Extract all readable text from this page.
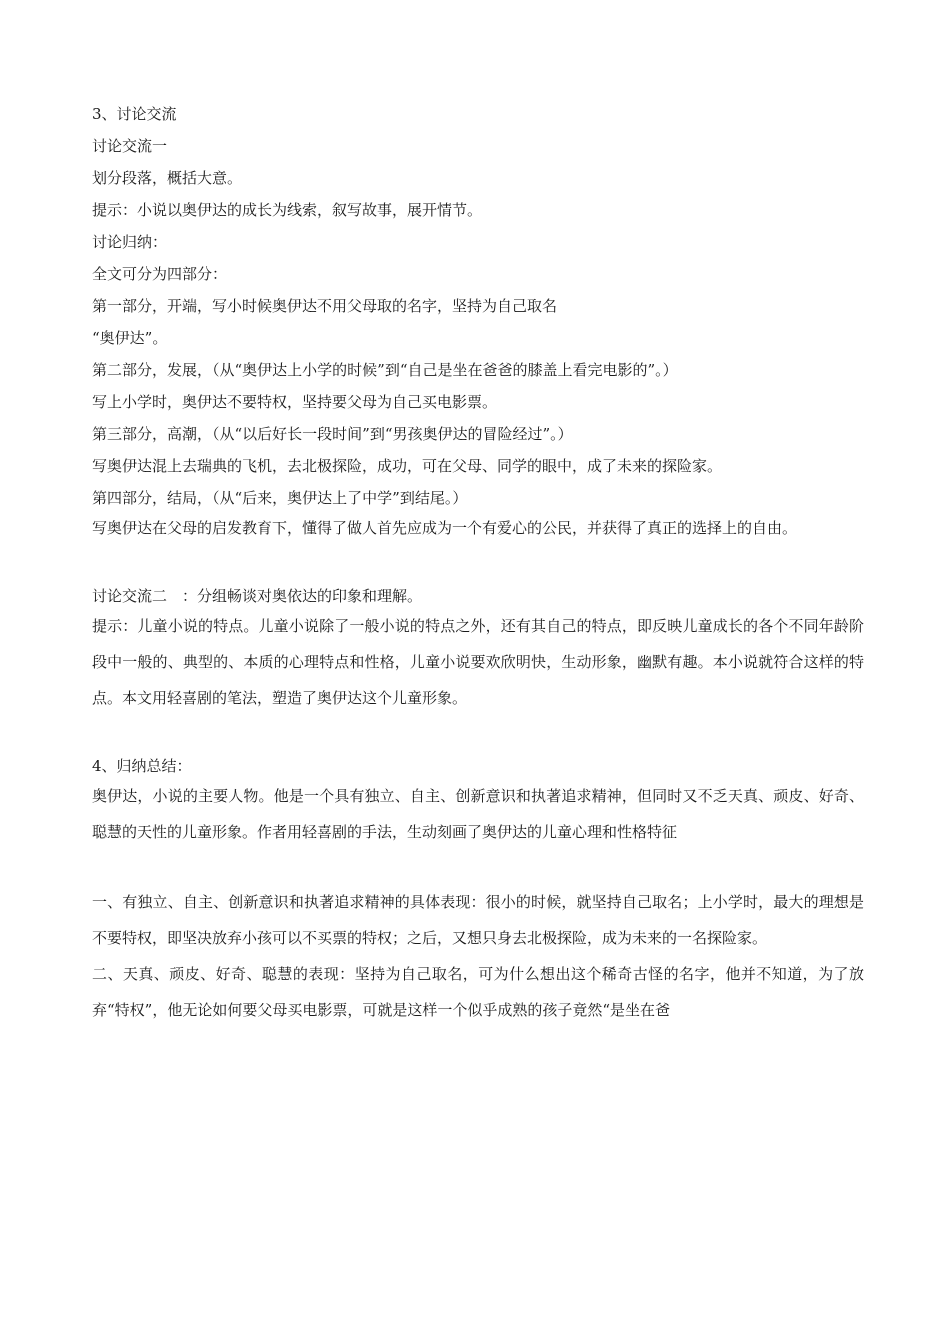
3、讨论交流

讨论交流一

划分段落，概括大意。

提示：小说以奥伊达的成长为线索，叙写故事，展开情节。

讨论归纳：

全文可分为四部分：

第一部分，开端，写小时候奥伊达不用父母取的名字，坚持为自己取名

“奥伊达”。

第二部分，发展，（从“奥伊达上小学的时候”到“自己是坐在爸爸的膝盖上看完电影的”。）

写上小学时，奥伊达不要特权，坚持要父母为自己买电影票。

第三部分，高潮，（从“以后好长一段时间”到“男孩奥伊达的冒险经过”。）

写奥伊达混上去瑞典的飞机，去北极探险，成功，可在父母、同学的眼中，成了未来的探险家。

第四部分，结局，（从“后来，奥伊达上了中学”到结尾。）

写奥伊达在父母的启发教育下，懂得了做人首先应成为一个有爱心的公民，并获得了真正的选择上的自由。

讨论交流二　：分组畅谈对奥依达的印象和理解。

提示：儿童小说的特点。儿童小说除了一般小说的特点之外，还有其自己的特点，即反映儿童成长的各个不同年龄阶段中一般的、典型的、本质的心理特点和性格，儿童小说要欢欣明快，生动形象，幽默有趣。本小说就符合这样的特点。本文用轻喜剧的笔法，塑造了奥伊达这个儿童形象。

4、归纳总结：

奥伊达，小说的主要人物。他是一个具有独立、自主、创新意识和执著追求精神，但同时又不乏天真、顽皮、好奇、聪慧的天性的儿童形象。作者用轻喜剧的手法，生动刻画了奥伊达的儿童心理和性格特征

一、有独立、自主、创新意识和执著追求精神的具体表现：很小的时候，就坚持自己取名；上小学时，最大的理想是不要特权，即坚决放弃小孩可以不买票的特权；之后，又想只身去北极探险，成为未来的一名探险家。

二、天真、顽皮、好奇、聪慧的表现：坚持为自己取名，可为什么想出这个稀奇古怪的名字，他并不知道，为了放弃“特权”，他无论如何要父母买电影票，可就是这样一个似乎成熟的孩子竟然“是坐在爸
